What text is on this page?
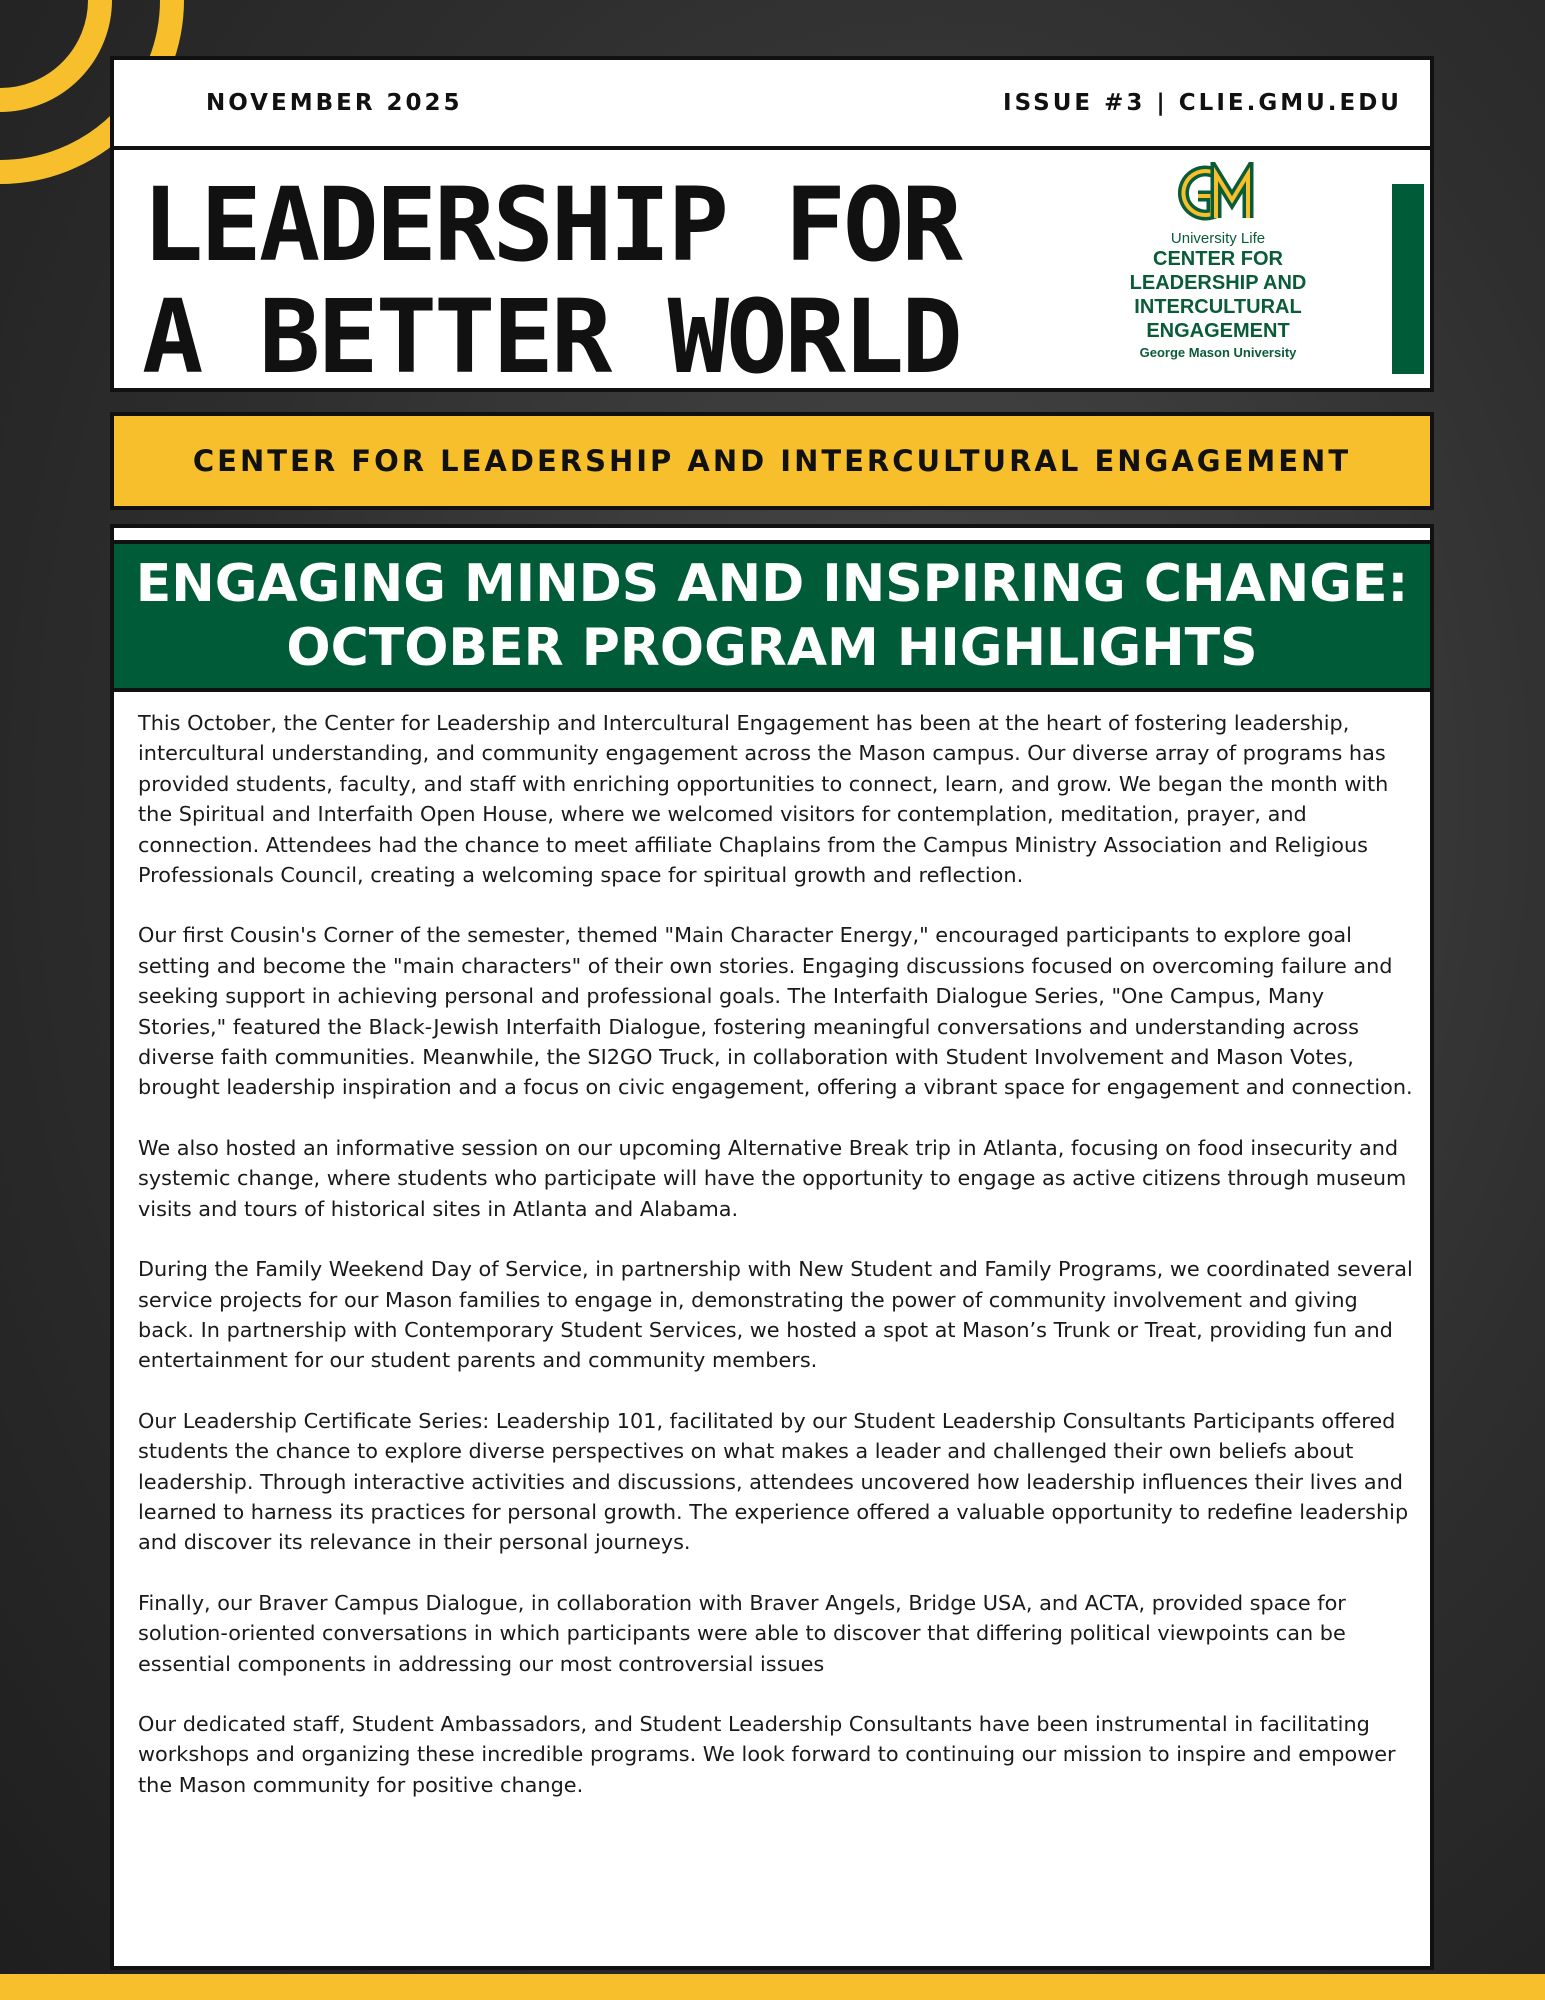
NOVEMBER 2025	ISSUE #3 | CLIE.GMU.EDU
LEADERSHIP FOR
A BETTER WORLD
University Life
CENTER FOR
LEADERSHIP AND
INTERCULTURAL
ENGAGEMENT
George Mason University
CENTER FOR LEADERSHIP AND INTERCULTURAL ENGAGEMENT
ENGAGING MINDS AND INSPIRING CHANGE:
OCTOBER PROGRAM HIGHLIGHTS

This October, the Center for Leadership and Intercultural Engagement has been at the heart of fostering leadership, intercultural understanding, and community engagement across the Mason campus. Our diverse array of programs has provided students, faculty, and staff with enriching opportunities to connect, learn, and grow. We began the month with the Spiritual and Interfaith Open House, where we welcomed visitors for contemplation, meditation, prayer, and connection. Attendees had the chance to meet affiliate Chaplains from the Campus Ministry Association and Religious Professionals Council, creating a welcoming space for spiritual growth and reflection.

Our first Cousin's Corner of the semester, themed "Main Character Energy," encouraged participants to explore goal setting and become the "main characters" of their own stories. Engaging discussions focused on overcoming failure and seeking support in achieving personal and professional goals. The Interfaith Dialogue Series, "One Campus, Many Stories," featured the Black-Jewish Interfaith Dialogue, fostering meaningful conversations and understanding across diverse faith communities. Meanwhile, the SI2GO Truck, in collaboration with Student Involvement and Mason Votes, brought leadership inspiration and a focus on civic engagement, offering a vibrant space for engagement and connection.

We also hosted an informative session on our upcoming Alternative Break trip in Atlanta, focusing on food insecurity and systemic change, where students who participate will have the opportunity to engage as active citizens through museum visits and tours of historical sites in Atlanta and Alabama.

During the Family Weekend Day of Service, in partnership with New Student and Family Programs, we coordinated several service projects for our Mason families to engage in, demonstrating the power of community involvement and giving back. In partnership with Contemporary Student Services, we hosted a spot at Mason’s Trunk or Treat, providing fun and entertainment for our student parents and community members.

Our Leadership Certificate Series: Leadership 101, facilitated by our Student Leadership Consultants Participants offered students the chance to explore diverse perspectives on what makes a leader and challenged their own beliefs about leadership. Through interactive activities and discussions, attendees uncovered how leadership influences their lives and learned to harness its practices for personal growth. The experience offered a valuable opportunity to redefine leadership and discover its relevance in their personal journeys.

Finally, our Braver Campus Dialogue, in collaboration with Braver Angels, Bridge USA, and ACTA, provided space for solution-oriented conversations in which participants were able to discover that differing political viewpoints can be essential components in addressing our most controversial issues

Our dedicated staff, Student Ambassadors, and Student Leadership Consultants have been instrumental in facilitating workshops and organizing these incredible programs. We look forward to continuing our mission to inspire and empower the Mason community for positive change.
